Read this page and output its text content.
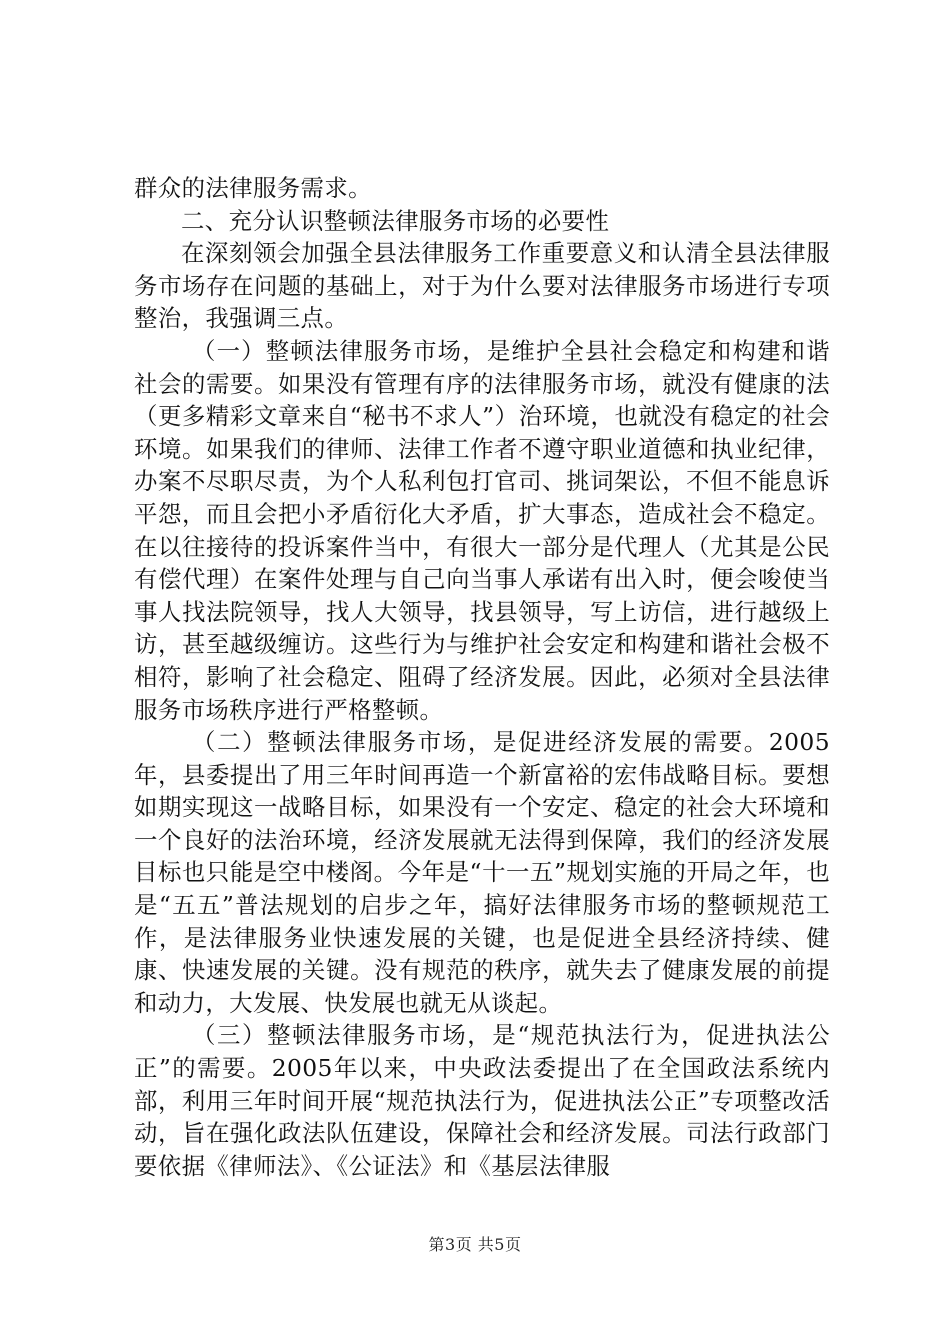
群众的法律服务需求。

二、充分认识整顿法律服务市场的必要性

在深刻领会加强全县法律服务工作重要意义和认清全县法律服务市场存在问题的基础上，对于为什么要对法律服务市场进行专项整治，我强调三点。

（一）整顿法律服务市场，是维护全县社会稳定和构建和谐社会的需要。如果没有管理有序的法律服务市场，就没有健康的法（更多精彩文章来自“秘书不求人”）治环境，也就没有稳定的社会环境。如果我们的律师、法律工作者不遵守职业道德和执业纪律，办案不尽职尽责，为个人私利包打官司、挑词架讼，不但不能息诉平怨，而且会把小矛盾衍化大矛盾，扩大事态，造成社会不稳定。在以往接待的投诉案件当中，有很大一部分是代理人（尤其是公民有偿代理）在案件处理与自己向当事人承诺有出入时，便会唆使当事人找法院领导，找人大领导，找县领导，写上访信，进行越级上访，甚至越级缠访。这些行为与维护社会安定和构建和谐社会极不相符，影响了社会稳定、阻碍了经济发展。因此，必须对全县法律服务市场秩序进行严格整顿。

（二）整顿法律服务市场，是促进经济发展的需要。2005年，县委提出了用三年时间再造一个新富裕的宏伟战略目标。要想如期实现这一战略目标，如果没有一个安定、稳定的社会大环境和一个良好的法治环境，经济发展就无法得到保障，我们的经济发展目标也只能是空中楼阁。今年是“十一五”规划实施的开局之年，也是“五五”普法规划的启步之年，搞好法律服务市场的整顿规范工作，是法律服务业快速发展的关键，也是促进全县经济持续、健康、快速发展的关键。没有规范的秩序，就失去了健康发展的前提和动力，大发展、快发展也就无从谈起。

（三）整顿法律服务市场，是“规范执法行为，促进执法公正”的需要。2005年以来，中央政法委提出了在全国政法系统内部，利用三年时间开展“规范执法行为，促进执法公正”专项整改活动，旨在强化政法队伍建设，保障社会和经济发展。司法行政部门要依据《律师法》、《公证法》和《基层法律服

第3页 共5页
